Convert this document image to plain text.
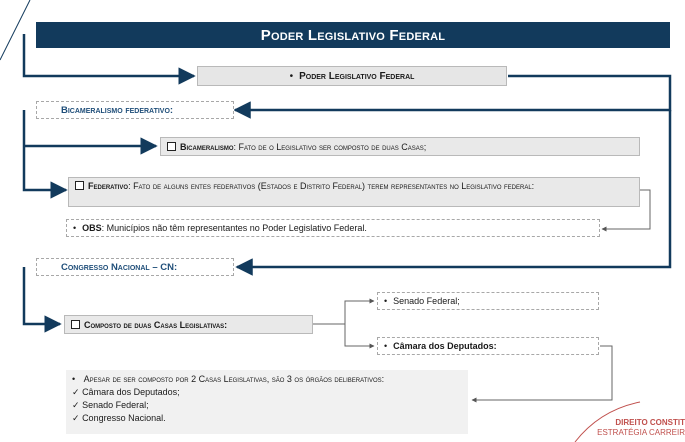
Poder Legislativo Federal
• Poder Legislativo Federal
Bicameralismo federativo:
Bicameralismo : Fato de o Legislativo ser composto de duas Casas;
Federativo: Fato de alguns entes federativos (Estados e Distrito Federal) terem representantes no Legislativo federal:
• OBS : Municípios não têm representantes no Poder Legislativo Federal.
Congresso Nacional – CN:
Composto de duas Casas Legislativas:
• Senado Federal;
• Câmara dos Deputados:
• Apesar de ser composto por 2 Casas Legislativas, são 3 os órgãos deliberativos:
✓ Câmara dos Deputados;
✓ Senado Federal;
✓ Congresso Nacional.	DIREITO CONSTIT
ESTRATÉGIA CARREIR
